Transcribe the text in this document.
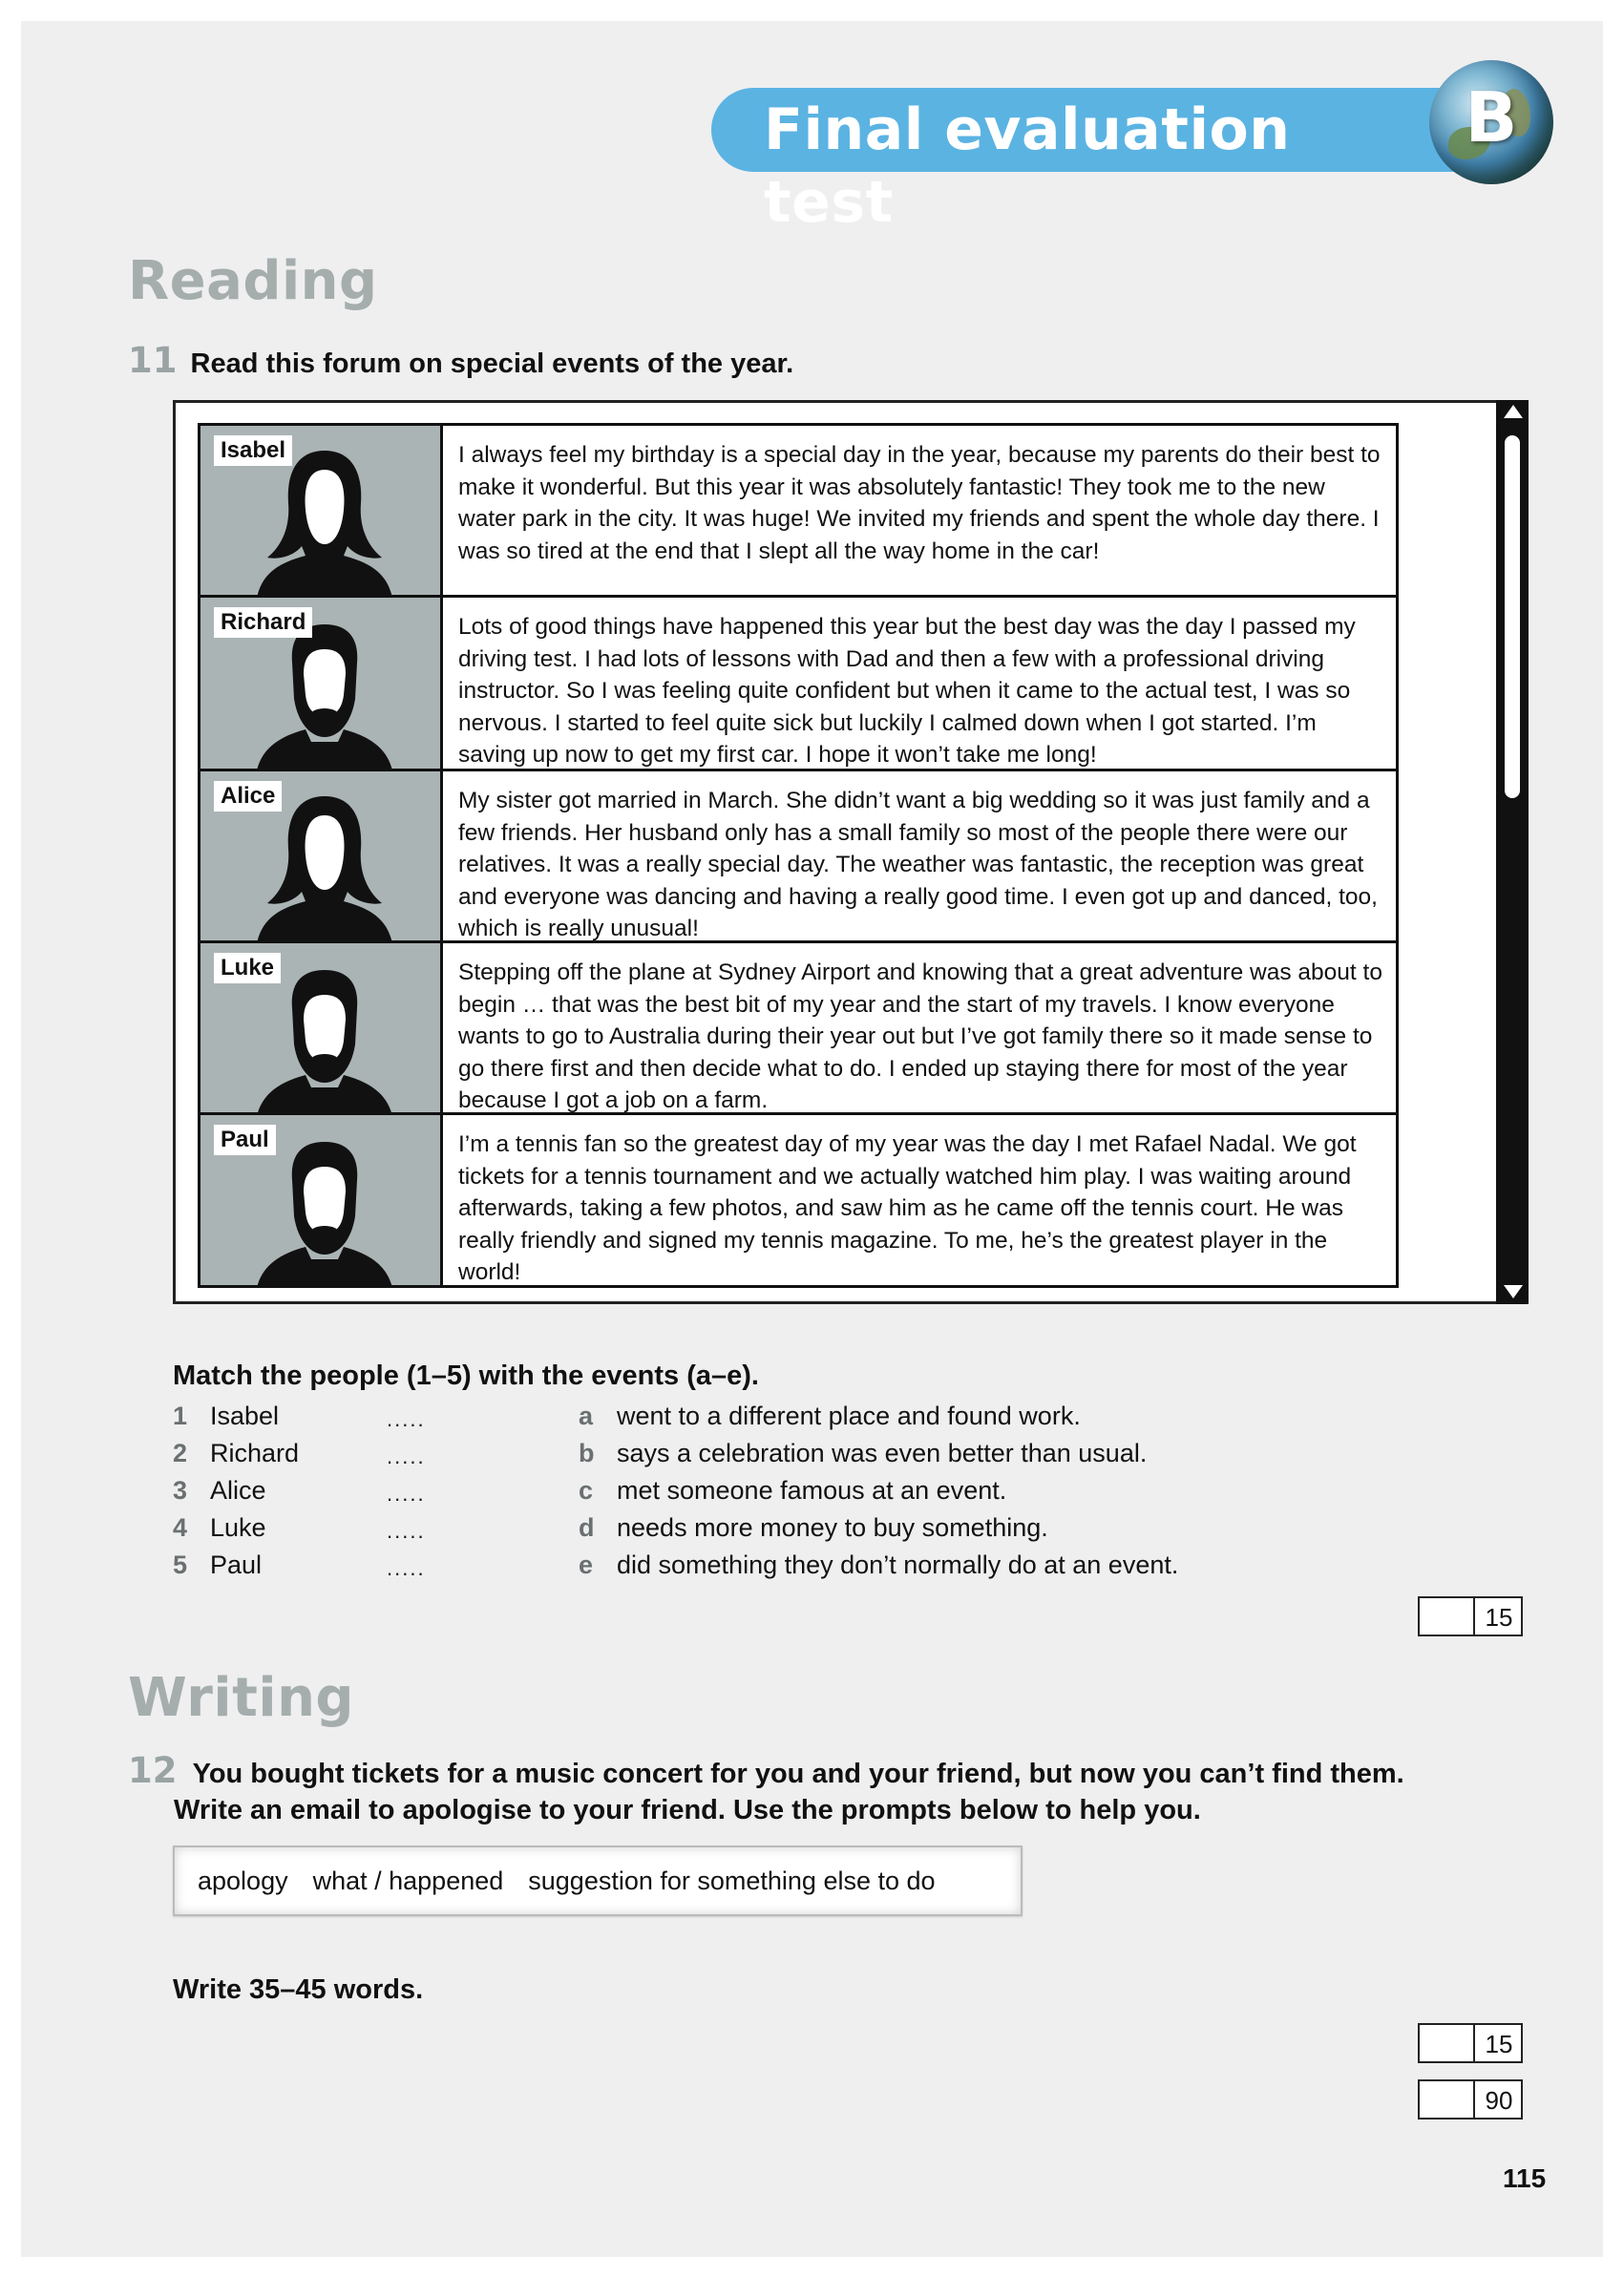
Final evaluation test
B
Reading
11 Read this forum on special events of the year.
Isabel	I always feel my birthday is a special day in the year, because my parents do their best to make it wonderful. But this year it was absolutely fantastic! They took me to the new water park in the city. It was huge! We invited my friends and spent the whole day there. I was so tired at the end that I slept all the way home in the car!
Richard	Lots of good things have happened this year but the best day was the day I passed my driving test. I had lots of lessons with Dad and then a few with a professional driving instructor. So I was feeling quite confident but when it came to the actual test, I was so nervous. I started to feel quite sick but luckily I calmed down when I got started. I’m saving up now to get my first car. I hope it won’t take me long!
Alice	My sister got married in March. She didn’t want a big wedding so it was just family and a few friends. Her husband only has a small family so most of the people there were our relatives. It was a really special day. The weather was fantastic, the reception was great and everyone was dancing and having a really good time. I even got up and danced, too, which is really unusual!
Luke	Stepping off the plane at Sydney Airport and knowing that a great adventure was about to begin … that was the best bit of my year and the start of my travels. I know everyone wants to go to Australia during their year out but I’ve got family there so it made sense to go there first and then decide what to do. I ended up staying there for most of the year because I got a job on a farm.
Paul	I’m a tennis fan so the greatest day of my year was the day I met Rafael Nadal. We got tickets for a tennis tournament and we actually watched him play. I was waiting around afterwards, taking a few photos, and saw him as he came off the tennis court. He was really friendly and signed my tennis magazine. To me, he’s the greatest player in the world!
Match the people (1–5) with the events (a–e).
1 Isabel	.....	a went to a different place and found work.
2 Richard	.....	b says a celebration was even better than usual.
3 Alice	.....	c met someone famous at an event.
4 Luke	.....	d needs more money to buy something.
5 Paul	.....	e did something they don’t normally do at an event.
15
Writing
12 You bought tickets for a music concert for you and your friend, but now you can’t find them.
Write an email to apologise to your friend. Use the prompts below to help you.
apology what / happened suggestion for something else to do
Write 35–45 words.
15
90
115
